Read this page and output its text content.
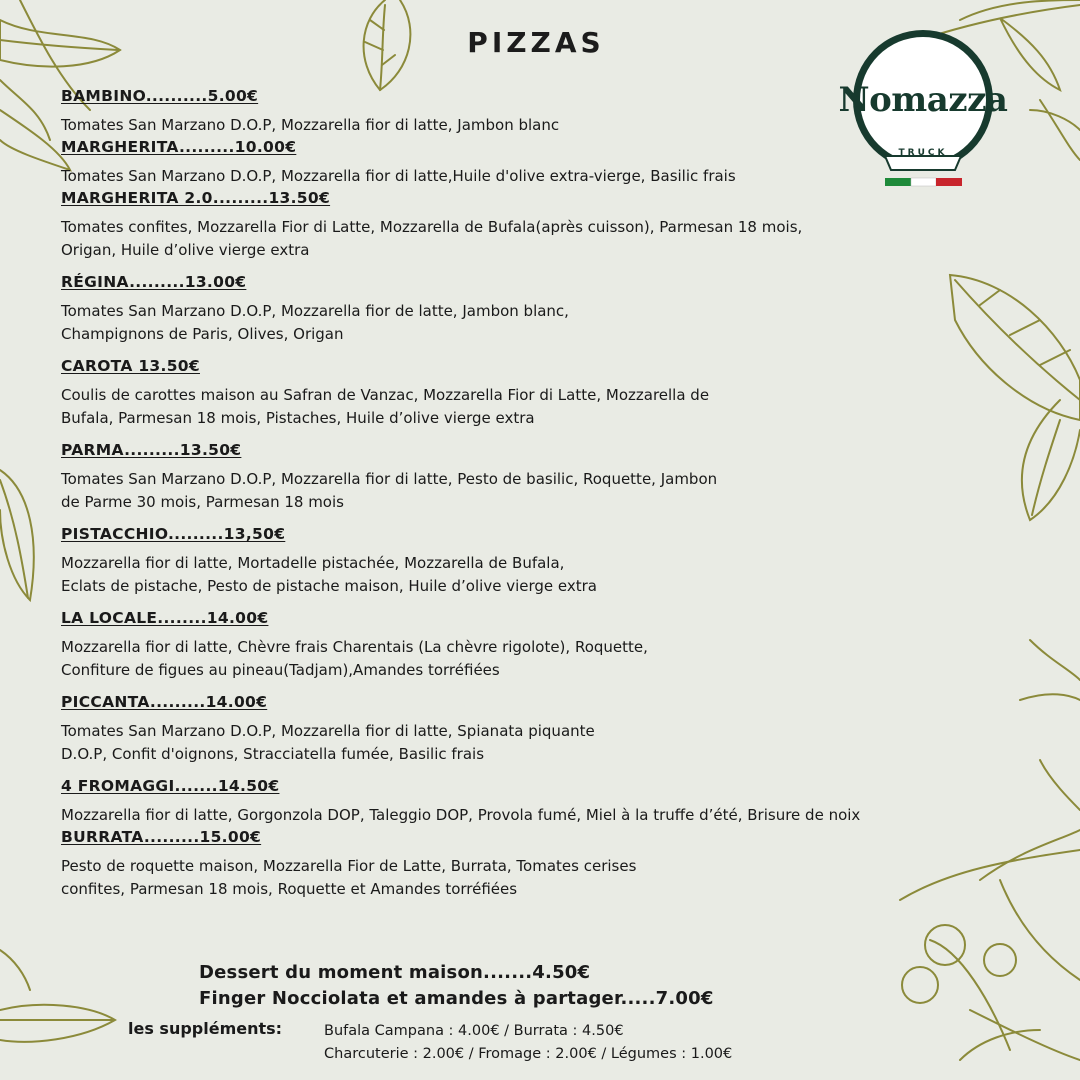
PIZZAS
Nomazza
TRUCK
BAMBINO..........5.00€
Tomates San Marzano D.O.P, Mozzarella fior di latte, Jambon blanc
MARGHERITA.........10.00€
Tomates San Marzano D.O.P, Mozzarella fior di latte,Huile d'olive extra-vierge, Basilic frais
MARGHERITA 2.0.........13.50€
Tomates confites, Mozzarella Fior di Latte, Mozzarella de Bufala(après cuisson), Parmesan 18 mois,
Origan, Huile d’olive vierge extra
RÉGINA.........13.00€
Tomates San Marzano D.O.P, Mozzarella fior de latte, Jambon blanc,
Champignons de Paris, Olives, Origan
CAROTA 13.50€
Coulis de carottes maison au Safran de Vanzac, Mozzarella Fior di Latte, Mozzarella de
Bufala, Parmesan 18 mois, Pistaches, Huile d’olive vierge extra
PARMA.........13.50€
Tomates San Marzano D.O.P, Mozzarella fior di latte, Pesto de basilic, Roquette, Jambon
de Parme 30 mois, Parmesan 18 mois
PISTACCHIO.........13,50€
Mozzarella fior di latte, Mortadelle pistachée, Mozzarella de Bufala,
Eclats de pistache, Pesto de pistache maison, Huile d’olive vierge extra
LA LOCALE........14.00€
Mozzarella fior di latte, Chèvre frais Charentais (La chèvre rigolote), Roquette,
Confiture de figues au pineau(Tadjam),Amandes torréfiées
PICCANTA.........14.00€
Tomates San Marzano D.O.P, Mozzarella fior di latte, Spianata piquante
D.O.P, Confit d'oignons, Stracciatella fumée, Basilic frais
4 FROMAGGI.......14.50€
Mozzarella fior di latte, Gorgonzola DOP, Taleggio DOP, Provola fumé, Miel à la truffe d’été, Brisure de noix
BURRATA.........15.00€
Pesto de roquette maison, Mozzarella Fior de Latte, Burrata, Tomates cerises
confites, Parmesan 18 mois, Roquette et Amandes torréfiées
Dessert du moment maison.......4.50€
Finger Nocciolata et amandes à partager.....7.00€
les suppléments:	Bufala Campana : 4.00€ / Burrata : 4.50€
Charcuterie : 2.00€ / Fromage : 2.00€ / Légumes : 1.00€
